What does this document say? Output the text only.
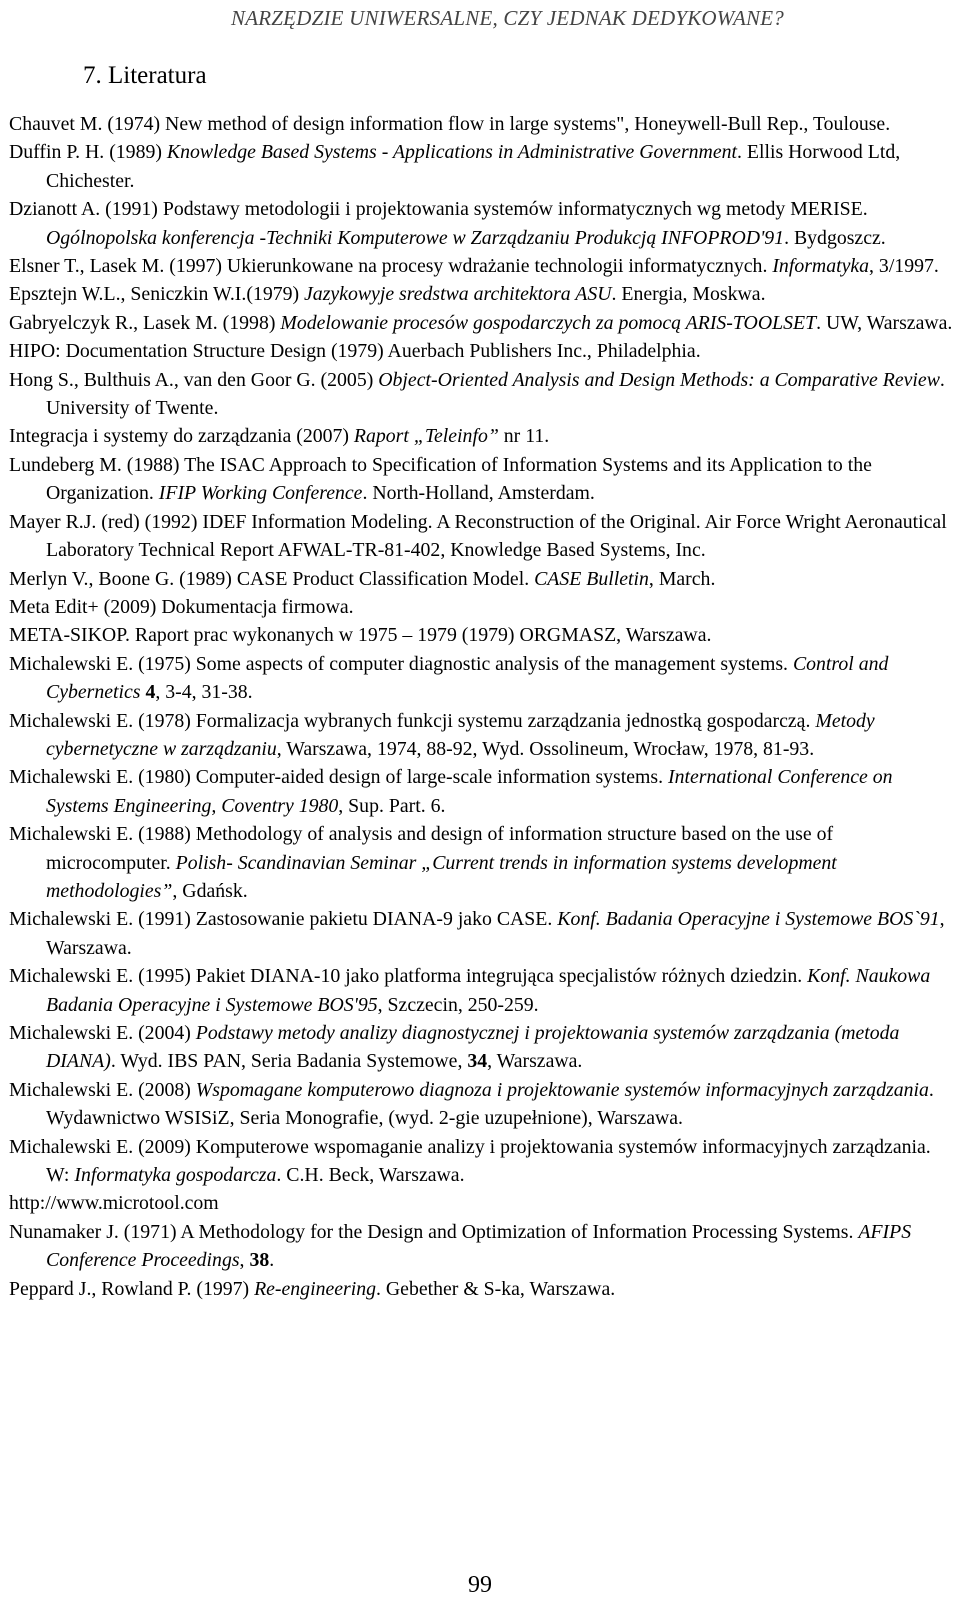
NARZĘDZIE UNIWERSALNE, CZY JEDNAK DEDYKOWANE?
7. Literatura
Chauvet M. (1974) New method of design information flow in large systems", Honeywell-Bull Rep., Toulouse.
Duffin P. H. (1989) Knowledge Based Systems - Applications in Administrative Government. Ellis Horwood Ltd, Chichester.
Dzianott A. (1991) Podstawy metodologii i projektowania systemów informatycznych wg metody MERISE. Ogólnopolska konferencja -Techniki Komputerowe w Zarządzaniu Produkcją INFOPROD'91. Bydgoszcz.
Elsner T., Lasek M. (1997) Ukierunkowane na procesy wdrażanie technologii informatycznych. Informatyka, 3/1997.
Epsztejn W.L., Seniczkin W.I.(1979) Jazykowyje sredstwa architektora ASU. Energia, Moskwa.
Gabryelczyk R., Lasek M. (1998) Modelowanie procesów gospodarczych za pomocą ARIS-TOOLSET. UW, Warszawa.
HIPO: Documentation Structure Design (1979) Auerbach Publishers Inc., Philadelphia.
Hong S., Bulthuis A., van den Goor G. (2005) Object-Oriented Analysis and Design Methods: a Comparative Review. University of Twente.
Integracja i systemy do zarządzania (2007) Raport „Teleinfo” nr 11.
Lundeberg M. (1988) The ISAC Approach to Specification of Information Systems and its Application to the Organization. IFIP Working Conference. North-Holland, Amsterdam.
Mayer R.J. (red) (1992) IDEF Information Modeling. A Reconstruction of the Original. Air Force Wright Aeronautical Laboratory Technical Report AFWAL-TR-81-402, Knowledge Based Systems, Inc.
Merlyn V., Boone G. (1989) CASE Product Classification Model. CASE Bulletin, March.
Meta Edit+ (2009) Dokumentacja firmowa.
META-SIKOP. Raport prac wykonanych w 1975 – 1979 (1979) ORGMASZ, Warszawa.
Michalewski E. (1975) Some aspects of computer diagnostic analysis of the management systems. Control and Cybernetics 4, 3-4, 31-38.
Michalewski E. (1978) Formalizacja wybranych funkcji systemu zarządzania jednostką gospodarczą. Metody cybernetyczne w zarządzaniu, Warszawa, 1974, 88-92, Wyd. Ossolineum, Wrocław, 1978, 81-93.
Michalewski E. (1980) Computer-aided design of large-scale information systems. International Conference on Systems Engineering, Coventry 1980, Sup. Part. 6.
Michalewski E. (1988) Methodology of analysis and design of information structure based on the use of microcomputer. Polish- Scandinavian Seminar „Current trends in information systems development methodologies”, Gdańsk.
Michalewski E. (1991) Zastosowanie pakietu DIANA-9 jako CASE. Konf. Badania Operacyjne i Systemowe BOS`91, Warszawa.
Michalewski E. (1995) Pakiet DIANA-10 jako platforma integrująca specjalistów różnych dziedzin. Konf. Naukowa Badania Operacyjne i Systemowe BOS'95, Szczecin, 250-259.
Michalewski E. (2004) Podstawy metody analizy diagnostycznej i projektowania systemów zarządzania (metoda DIANA). Wyd. IBS PAN, Seria Badania Systemowe, 34, Warszawa.
Michalewski E. (2008) Wspomagane komputerowo diagnoza i projektowanie systemów informacyjnych zarządzania. Wydawnictwo WSISiZ, Seria Monografie, (wyd. 2-gie uzupełnione), Warszawa.
Michalewski E. (2009) Komputerowe wspomaganie analizy i projektowania systemów informacyjnych zarządzania. W: Informatyka gospodarcza. C.H. Beck, Warszawa.
http://www.microtool.com
Nunamaker J. (1971) A Methodology for the Design and Optimization of Information Processing Systems. AFIPS Conference Proceedings, 38.
Peppard J., Rowland P. (1997) Re-engineering. Gebether & S-ka, Warszawa.
99
